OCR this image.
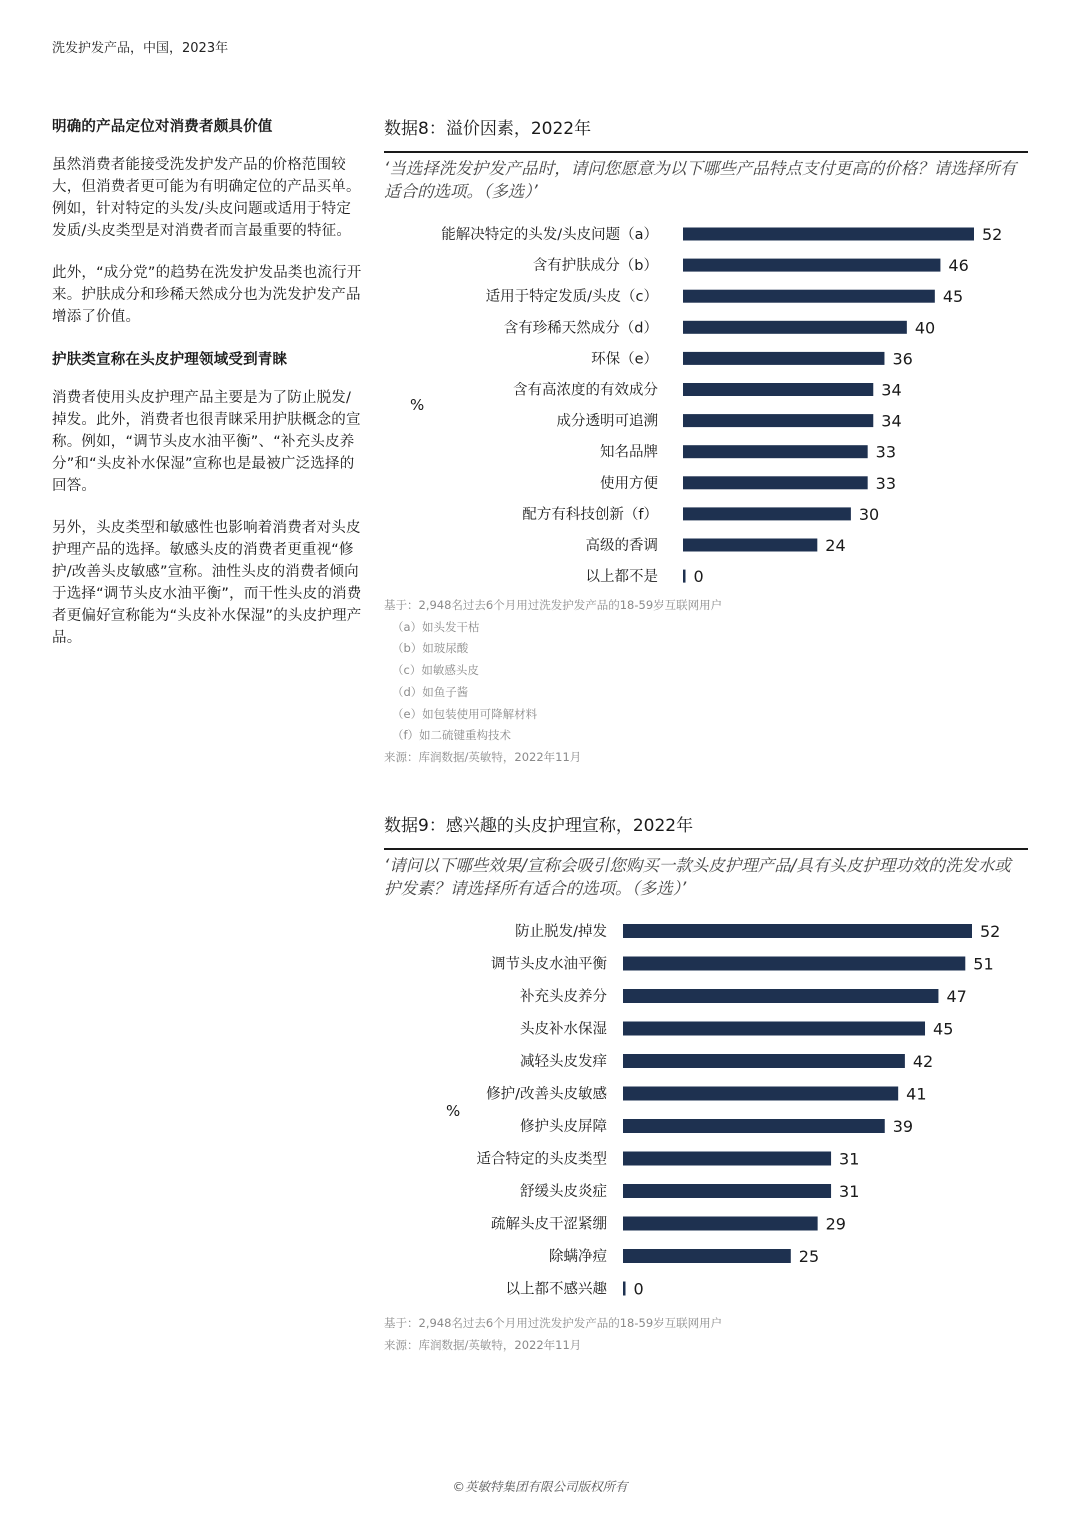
洗发护发产品，中国，2023年
明确的产品定位对消费者颇具价值

虽然消费者能接受洗发护发产品的价格范围较大，但消费者更可能为有明确定位的产品买单。例如，针对特定的头发/头皮问题或适用于特定发质/头皮类型是对消费者而言最重要的特征。

此外，“成分党”的趋势在洗发护发品类也流行开来。护肤成分和珍稀天然成分也为洗发护发产品增添了价值。

护肤类宣称在头皮护理领域受到青睐

消费者使用头皮护理产品主要是为了防止脱发/掉发。此外，消费者也很青睐采用护肤概念的宣称。例如，“调节头皮水油平衡”、“补充头皮养分”和“头皮补水保湿”宣称也是最被广泛选择的回答。

另外，头皮类型和敏感性也影响着消费者对头皮护理产品的选择。敏感头皮的消费者更重视“修护/改善头皮敏感”宣称。油性头皮的消费者倾向于选择“调节头皮水油平衡”，而干性头皮的消费者更偏好宣称能为“头皮补水保湿”的头皮护理产品。

数据8：溢价因素，2022年
‘当选择洗发护发产品时，请问您愿意为以下哪些产品特点支付更高的价格？请选择所有适合的选项。（多选）’
能解决特定的头发/头皮问题（a）	52
含有护肤成分（b）	46
适用于特定发质/头皮（c）	45
含有珍稀天然成分（d）	40
环保（e）	36
含有高浓度的有效成分	34
成分透明可追溯	34
知名品牌	33
使用方便	33
配方有科技创新（f）	30
高级的香调	24
以上都不是 0
%
基于：2,948名过去6个月用过洗发护发产品的18-59岁互联网用户
（a）如头发干枯
（b）如玻尿酸
（c）如敏感头皮
（d）如鱼子酱
（e）如包装使用可降解材料
（f）如二硫键重构技术
来源：库润数据/英敏特，2022年11月
数据9：感兴趣的头皮护理宣称，2022年
‘请问以下哪些效果/宣称会吸引您购买一款头皮护理产品/具有头皮护理功效的洗发水或护发素？请选择所有适合的选项。（多选）’
防止脱发/掉发	52
调节头皮水油平衡	51
补充头皮养分	47
头皮补水保湿	45
减轻头皮发痒	42
修护/改善头皮敏感	41
修护头皮屏障	39
适合特定的头皮类型	31
舒缓头皮炎症	31
疏解头皮干涩紧绷	29
除螨净痘	25
以上都不感兴趣 0
%
基于：2,948名过去6个月用过洗发护发产品的18-59岁互联网用户
来源：库润数据/英敏特，2022年11月
©英敏特集团有限公司版权所有
